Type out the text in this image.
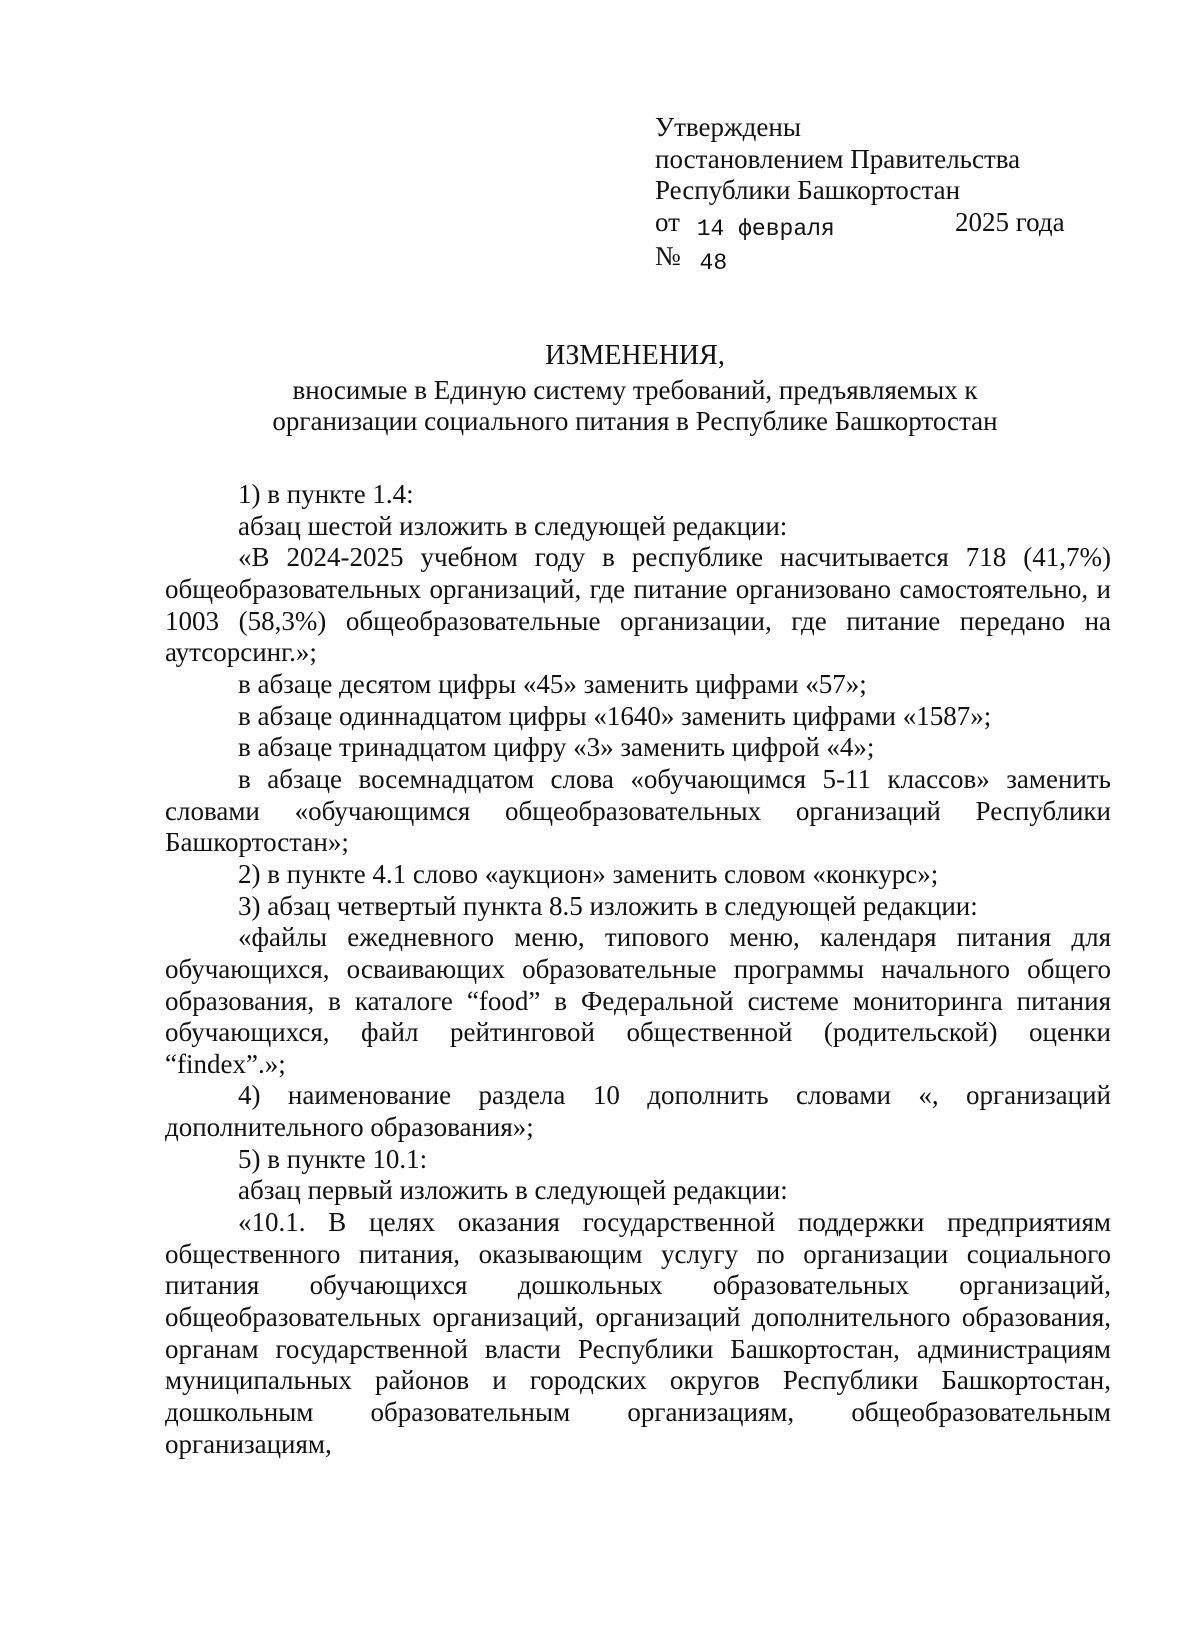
Утверждены
постановлением Правительства
Республики Башкортостан
от 14 февраля	2025 года
№ 48
ИЗМЕНЕНИЯ,
вносимые в Единую систему требований, предъявляемых к
организации социального питания в Республике Башкортостан

1) в пункте 1.4:

абзац шестой изложить в следующей редакции:

«В 2024-2025 учебном году в республике насчитывается 718 (41,7%) общеобразовательных организаций, где питание организовано самостоятельно, и 1003 (58,3%) общеобразовательные организации, где питание передано на аутсорсинг.»;

в абзаце десятом цифры «45» заменить цифрами «57»;

в абзаце одиннадцатом цифры «1640» заменить цифрами «1587»;

в абзаце тринадцатом цифру «3» заменить цифрой «4»;

в абзаце восемнадцатом слова «обучающимся 5-11 классов» заменить словами «обучающимся общеобразовательных организаций Республики Башкортостан»;

2) в пункте 4.1 слово «аукцион» заменить словом «конкурс»;

3) абзац четвертый пункта 8.5 изложить в следующей редакции:

«файлы ежедневного меню, типового меню, календаря питания для обучающихся, осваивающих образовательные программы начального общего образования, в каталоге “food” в Федеральной системе мониторинга питания обучающихся, файл рейтинговой общественной (родительской) оценки “findex”.»;

4) наименование раздела 10 дополнить словами «, организаций дополнительного образования»;

5) в пункте 10.1:

абзац первый изложить в следующей редакции:

«10.1. В целях оказания государственной поддержки предприятиям общественного питания, оказывающим услугу по организации социального питания обучающихся дошкольных образовательных организаций, общеобразовательных организаций, организаций дополнительного образования, органам государственной власти Республики Башкортостан, администрациям муниципальных районов и городских округов Республики Башкортостан, дошкольным образовательным организациям, общеобразовательным организациям,
